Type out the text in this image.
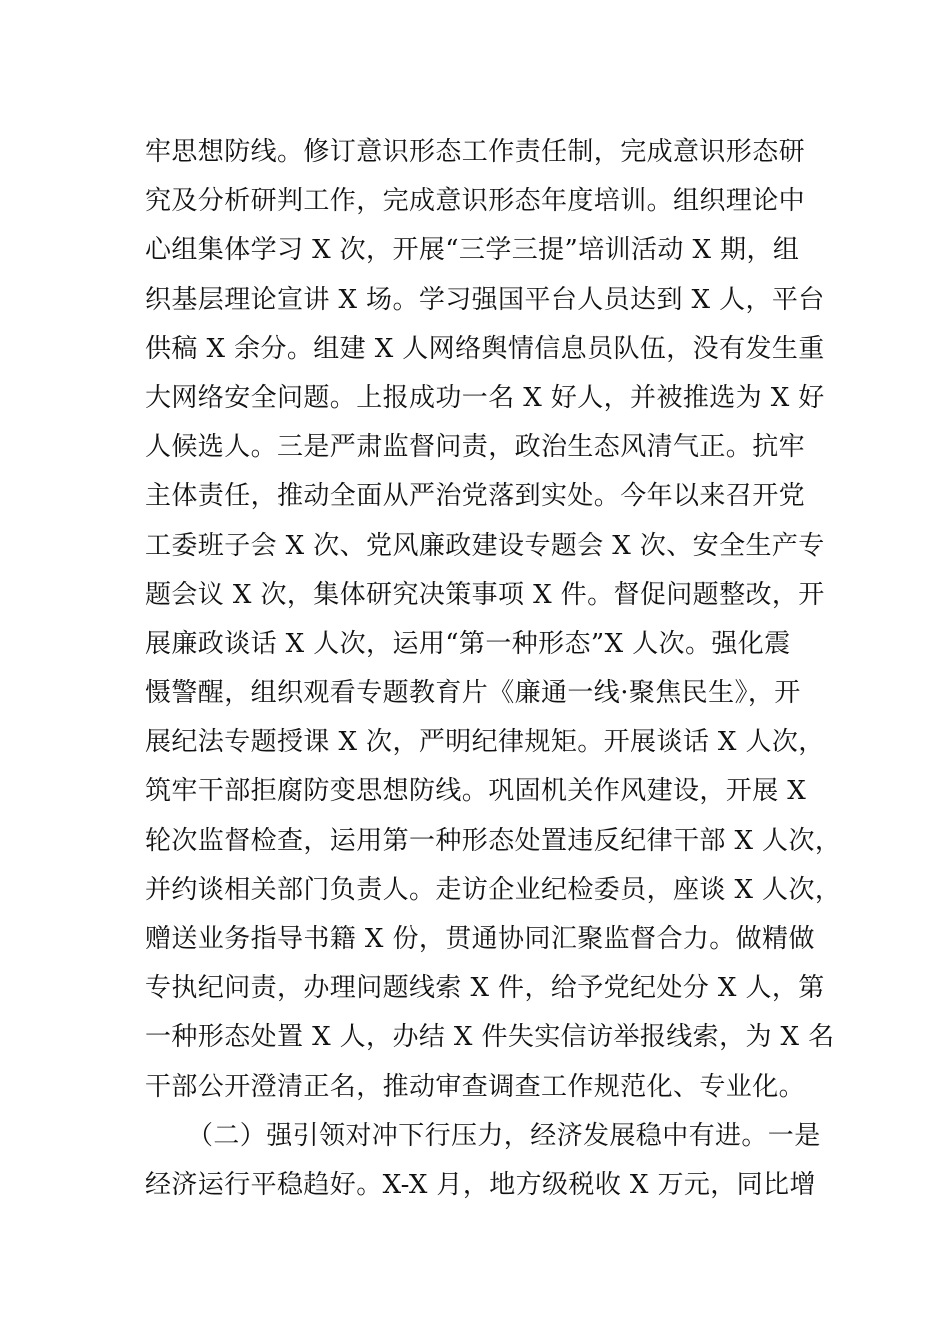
牢思想防线。修订意识形态工作责任制，完成意识形态研
究及分析研判工作，完成意识形态年度培训。组织理论中
心组集体学习 X 次，开展“三学三提”培训活动 X 期，组
织基层理论宣讲 X 场。学习强国平台人员达到 X 人，平台
供稿 X 余分。组建 X 人网络舆情信息员队伍，没有发生重
大网络安全问题。上报成功一名 X 好人，并被推选为 X 好
人候选人。三是严肃监督问责，政治生态风清气正。抗牢
主体责任，推动全面从严治党落到实处。今年以来召开党
工委班子会 X 次、党风廉政建设专题会 X 次、安全生产专
题会议 X 次，集体研究决策事项 X 件。督促问题整改，开
展廉政谈话 X 人次，运用“第一种形态”X 人次。强化震
慑警醒，组织观看专题教育片《廉通一线·聚焦民生》，开
展纪法专题授课 X 次，严明纪律规矩。开展谈话 X 人次，
筑牢干部拒腐防变思想防线。巩固机关作风建设，开展 X
轮次监督检查，运用第一种形态处置违反纪律干部 X 人次，
并约谈相关部门负责人。走访企业纪检委员，座谈 X 人次，
赠送业务指导书籍 X 份，贯通协同汇聚监督合力。做精做
专执纪问责，办理问题线索 X 件，给予党纪处分 X 人，第
一种形态处置 X 人，办结 X 件失实信访举报线索，为 X 名
干部公开澄清正名，推动审查调查工作规范化、专业化。
（二）强引领对冲下行压力，经济发展稳中有进。一是
经济运行平稳趋好。X-X 月，地方级税收 X 万元，同比增
